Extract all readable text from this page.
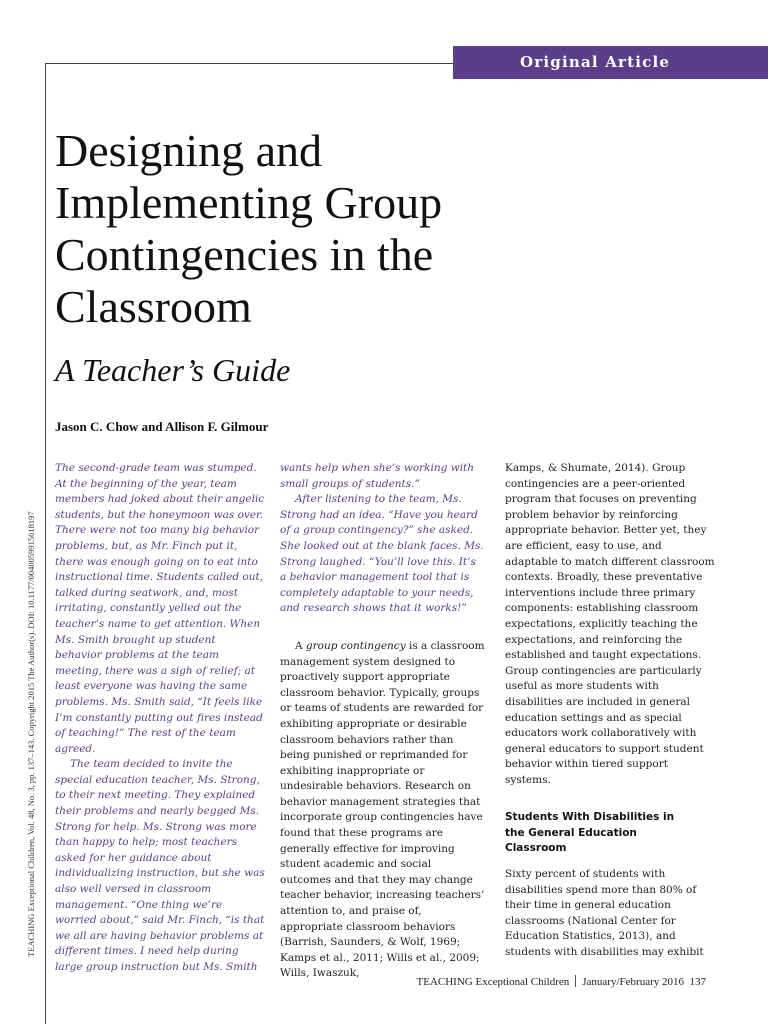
Original Article
Designing and Implementing Group Contingencies in the Classroom
A Teacher’s Guide
Jason C. Chow and Allison F. Gilmour
TEACHING Exceptional Children, Vol. 48, No. 3, pp. 137–143. Copyright 2015 The Author(s). DOI: 10.1177/0040059915618197

The second-grade team was stumped. At the beginning of the year, team members had joked about their angelic students, but the honeymoon was over. There were not too many big behavior problems, but, as Mr. Finch put it, there was enough going on to eat into instructional time. Students called out, talked during seatwork, and, most irritating, constantly yelled out the teacher’s name to get attention. When Ms. Smith brought up student behavior problems at the team meeting, there was a sigh of relief; at least everyone was having the same problems. Ms. Smith said, “It feels like I’m constantly putting out fires instead of teaching!” The rest of the team agreed.

The team decided to invite the special education teacher, Ms. Strong, to their next meeting. They explained their problems and nearly begged Ms. Strong for help. Ms. Strong was more than happy to help; most teachers asked for her guidance about individualizing instruction, but she was also well versed in classroom management. “One thing we’re worried about,” said Mr. Finch, “is that we all are having behavior problems at different times. I need help during large group instruction but Ms. Smith

wants help when she’s working with small groups of students.”

After listening to the team, Ms. Strong had an idea. “Have you heard of a group contingency?” she asked. She looked out at the blank faces. Ms. Strong laughed. “You’ll love this. It’s a behavior management tool that is completely adaptable to your needs, and research shows that it works!”

A group contingency is a classroom management system designed to proactively support appropriate classroom behavior. Typically, groups or teams of students are rewarded for exhibiting appropriate or desirable classroom behaviors rather than being punished or reprimanded for exhibiting inappropriate or undesirable behaviors. Research on behavior management strategies that incorporate group contingencies have found that these programs are generally effective for improving student academic and social outcomes and that they may change teacher behavior, increasing teachers’ attention to, and praise of, appropriate classroom behaviors (Barrish, Saunders, & Wolf, 1969; Kamps et al., 2011; Wills et al., 2009; Wills, Iwaszuk,

Kamps, & Shumate, 2014). Group contingencies are a peer-oriented program that focuses on preventing problem behavior by reinforcing appropriate behavior. Better yet, they are efficient, easy to use, and adaptable to match different classroom contexts. Broadly, these preventative interventions include three primary components: establishing classroom expectations, explicitly teaching the expectations, and reinforcing the established and taught expectations. Group contingencies are particularly useful as more students with disabilities are included in general education settings and as special educators work collaboratively with general educators to support student behavior within tiered support systems.

Students With Disabilities in the General Education Classroom

Sixty percent of students with disabilities spend more than 80% of their time in general education classrooms (National Center for Education Statistics, 2013), and students with disabilities may exhibit

TEACHING Exceptional Children January/February 2016 137
